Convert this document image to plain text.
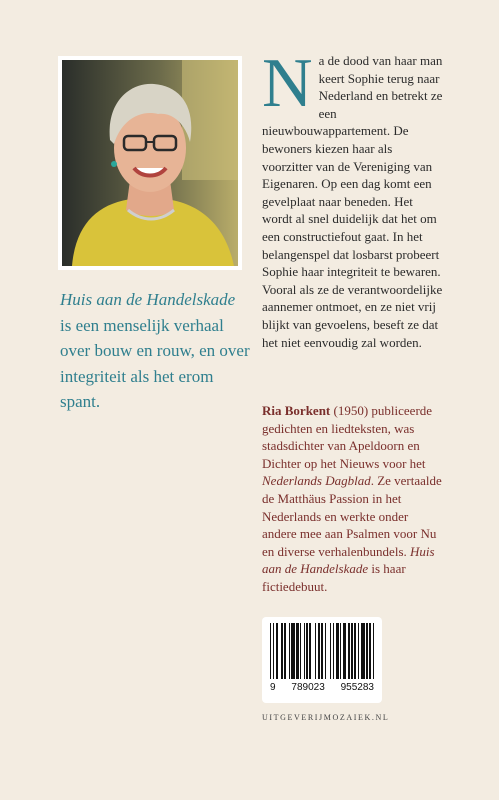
Huis aan de Handelskade
is een menselijk verhaal over bouw en rouw, en over integriteit als het erom spant.
Na de dood van haar man keert Sophie terug naar Nederland en betrekt ze een nieuwbouwappartement. De bewoners kiezen haar als voorzitter van de Vereniging van Eigenaren. Op een dag komt een gevelplaat naar beneden. Het wordt al snel duidelijk dat het om een constructiefout gaat. In het belangenspel dat losbarst probeert Sophie haar integriteit te bewaren. Vooral als ze de verantwoordelijke aannemer ontmoet, en ze niet vrij blijkt van gevoelens, beseft ze dat het niet eenvoudig zal worden.
Ria Borkent (1950) publiceerde gedichten en liedteksten, was stadsdichter van Apeldoorn en Dichter op het Nieuws voor het Nederlands Dagblad. Ze vertaalde de Matthäus Passion in het Nederlands en werkte onder andere mee aan Psalmen voor Nu en diverse verhalenbundels. Huis aan de Handelskade is haar fictiedebuut.
9 789023 955283
UITGEVERIJMOZAIEK.NL
